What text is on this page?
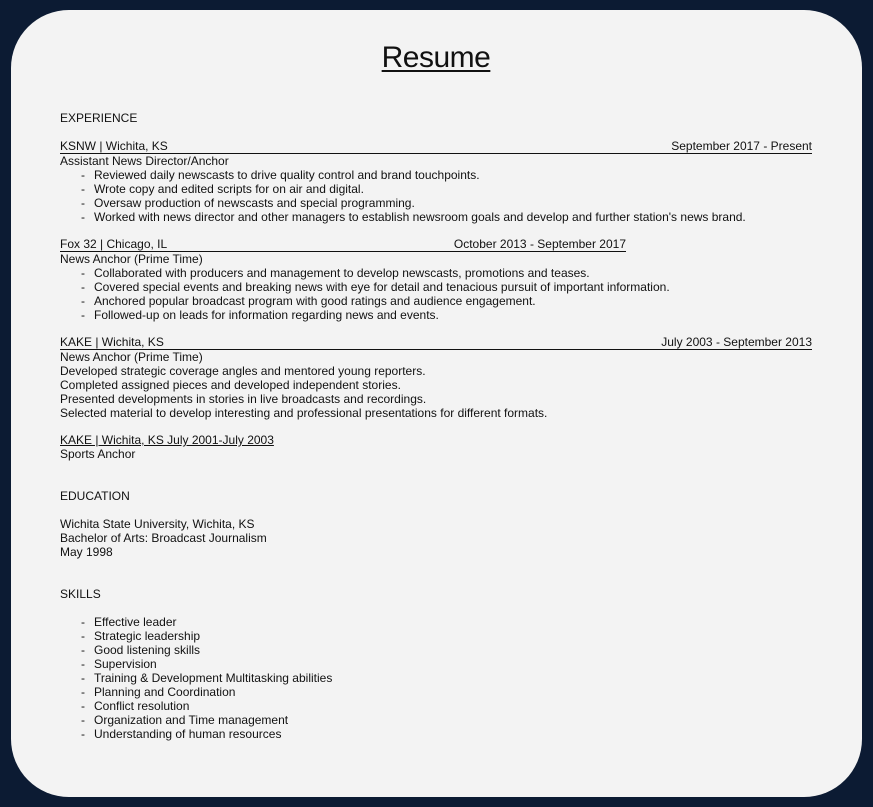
Resume
EXPERIENCE
KSNW | Wichita, KS	September 2017 - Present
Assistant News Director/Anchor
- Reviewed daily newscasts to drive quality control and brand touchpoints.
- Wrote copy and edited scripts for on air and digital.
- Oversaw production of newscasts and special programming.
- Worked with news director and other managers to establish newsroom goals and develop and further station's news brand.
Fox 32 | Chicago, IL	October 2013 - September 2017
News Anchor (Prime Time)
- Collaborated with producers and management to develop newscasts, promotions and teases.
- Covered special events and breaking news with eye for detail and tenacious pursuit of important information.
- Anchored popular broadcast program with good ratings and audience engagement.
- Followed-up on leads for information regarding news and events.
KAKE | Wichita, KS	July 2003 - September 2013
News Anchor (Prime Time)
Developed strategic coverage angles and mentored young reporters.
Completed assigned pieces and developed independent stories.
Presented developments in stories in live broadcasts and recordings.
Selected material to develop interesting and professional presentations for different formats.
KAKE | Wichita, KS July 2001-July 2003
Sports Anchor
EDUCATION
Wichita State University, Wichita, KS
Bachelor of Arts: Broadcast Journalism
May 1998
SKILLS
- Effective leader
- Strategic leadership
- Good listening skills
- Supervision
- Training & Development Multitasking abilities
- Planning and Coordination
- Conflict resolution
- Organization and Time management
- Understanding of human resources
